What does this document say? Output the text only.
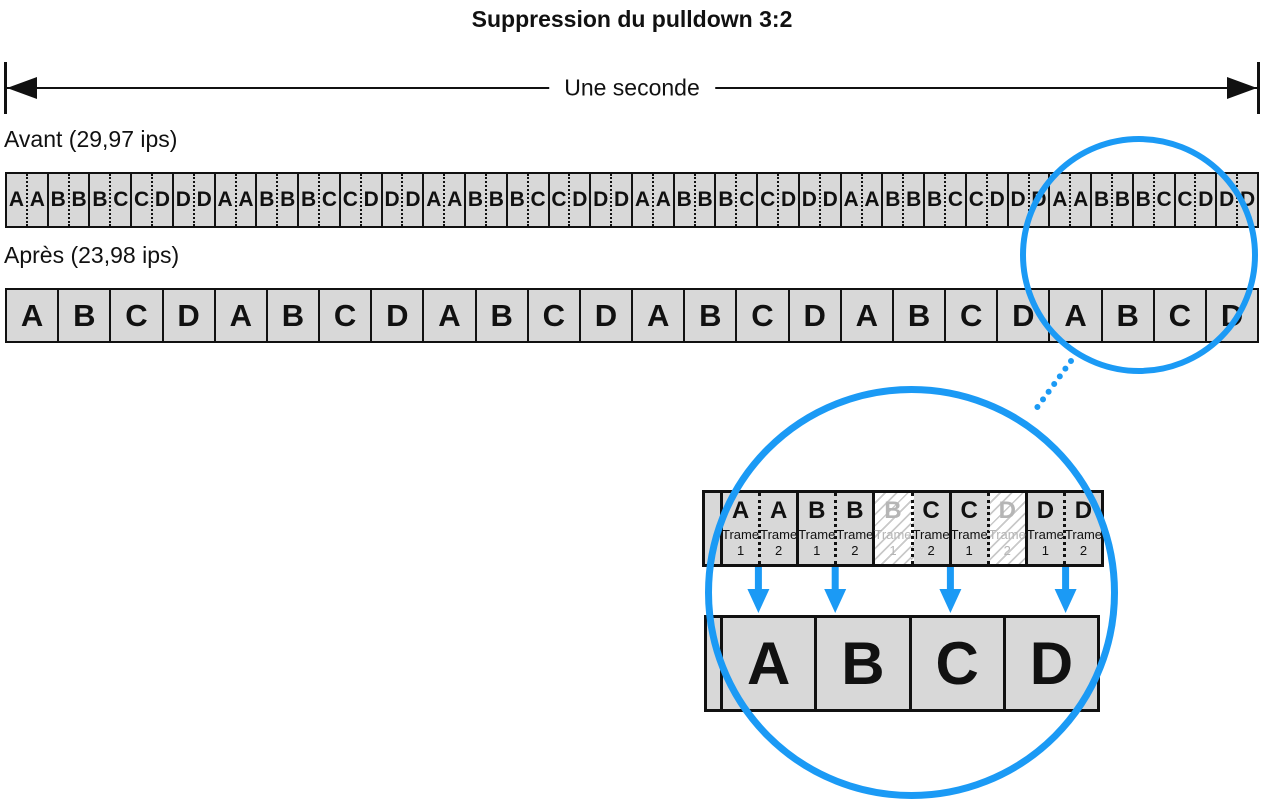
Suppression du pulldown 3:2
Une seconde
Avant (29,97 ips)
A A B B B C C D D D A A B B B C C D D D A A B B B C C D D D A A B B B C C D D D A A B B B C C D D D A A B B B C C D D D
Après (23,98 ips)
A B C D A B C D A B C D A B C D A B C D A B C D
A
Trame
1
A
Trame
2
B
Trame
1
B
Trame
2
B
Trame
1
C
Trame
2
C
Trame
1
D
Trame
2
D
Trame
1
D
Trame
2
A B C D
